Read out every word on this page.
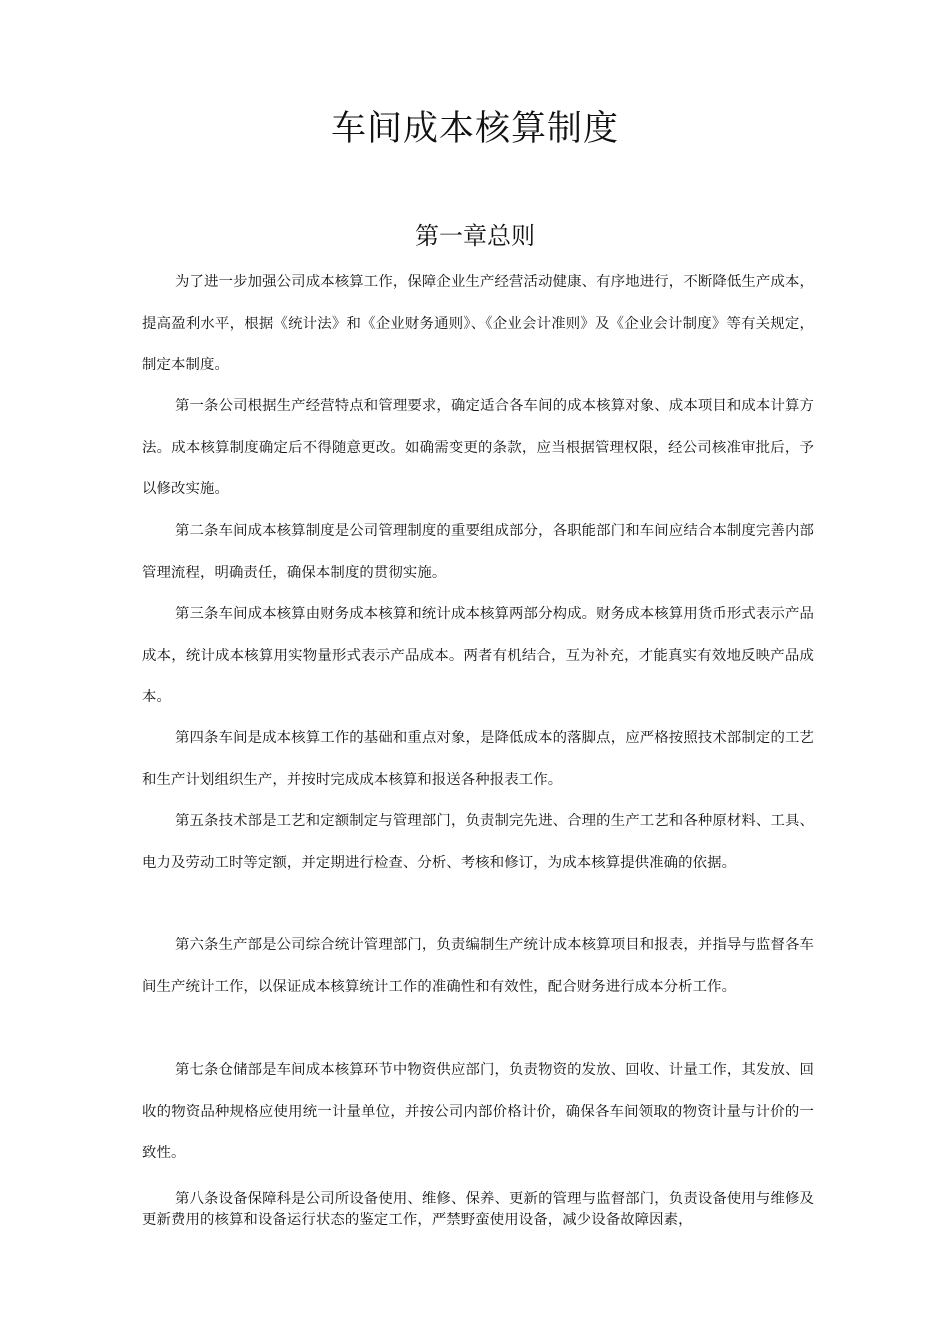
车间成本核算制度
第一章总则

为了进一步加强公司成本核算工作，保障企业生产经营活动健康、有序地进行，不断降低生产成本，提高盈利水平，根据《统计法》和《企业财务通则》、《企业会计准则》及《企业会计制度》等有关规定，制定本制度。

第一条公司根据生产经营特点和管理要求，确定适合各车间的成本核算对象、成本项目和成本计算方法。成本核算制度确定后不得随意更改。如确需变更的条款，应当根据管理权限，经公司核准审批后，予以修改实施。

第二条车间成本核算制度是公司管理制度的重要组成部分，各职能部门和车间应结合本制度完善内部管理流程，明确责任，确保本制度的贯彻实施。

第三条车间成本核算由财务成本核算和统计成本核算两部分构成。财务成本核算用货币形式表示产品成本，统计成本核算用实物量形式表示产品成本。两者有机结合，互为补充，才能真实有效地反映产品成本。

第四条车间是成本核算工作的基础和重点对象，是降低成本的落脚点，应严格按照技术部制定的工艺和生产计划组织生产，并按时完成成本核算和报送各种报表工作。

第五条技术部是工艺和定额制定与管理部门，负责制完先进、合理的生产工艺和各种原材料、工具、电力及劳动工时等定额，并定期进行检查、分析、考核和修订，为成本核算提供准确的依据。

第六条生产部是公司综合统计管理部门，负责编制生产统计成本核算项目和报表，并指导与监督各车间生产统计工作，以保证成本核算统计工作的准确性和有效性，配合财务进行成本分析工作。

第七条仓储部是车间成本核算环节中物资供应部门，负责物资的发放、回收、计量工作，其发放、回收的物资品种规格应使用统一计量单位，并按公司内部价格计价，确保各车间领取的物资计量与计价的一致性。

第八条设备保障科是公司所设备使用、维修、保养、更新的管理与监督部门，负责设备使用与维修及更新费用的核算和设备运行状态的鉴定工作，严禁野蛮使用设备，减少设备故障因素，
